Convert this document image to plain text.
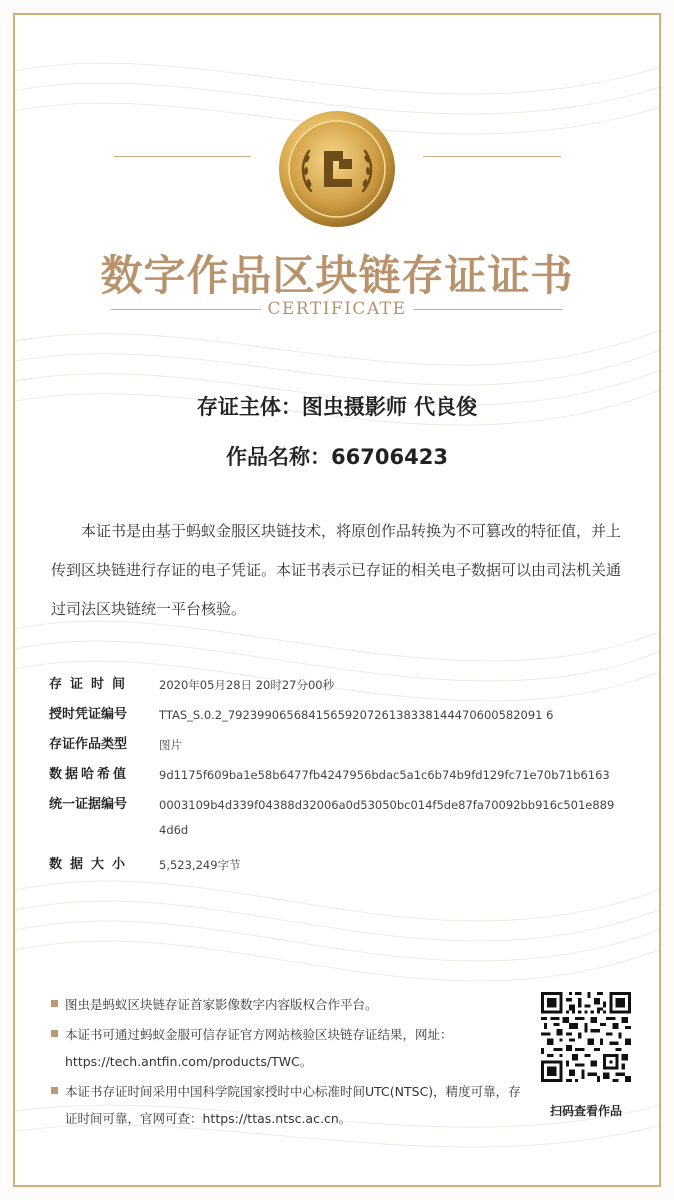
数字作品区块链存证证书
CERTIFICATE
存证主体：图虫摄影师 代良俊
作品名称：66706423
本证书是由基于蚂蚁金服区块链技术，将原创作品转换为不可篡改的特征值，并上传到区块链进行存证的电子凭证。本证书表示已存证的相关电子数据可以由司法机关通过司法区块链统一平台核验。
存证时间	2020年05月28日 20时27分00秒
授时凭证编号	TTAS_S.0.2_7923990656841565920726138338144470600582091 6
存证作品类型	图片
数据哈希值	9d1175f609ba1e58b6477fb4247956bdac5a1c6b74b9fd129fc71e70b71b6163
统一证据编号	0003109b4d339f04388d32006a0d53050bc014f5de87fa70092bb916c501e8894d6d
数据大小	5,523,249字节
图虫是蚂蚁区块链存证首家影像数字内容版权合作平台。
本证书可通过蚂蚁金服可信存证官方网站核验区块链存证结果，网址：https://tech.antfin.com/products/TWC。
本证书存证时间采用中国科学院国家授时中心标准时间UTC(NTSC)，精度可靠，存证时间可靠，官网可查：https://ttas.ntsc.ac.cn。	扫码查看作品
